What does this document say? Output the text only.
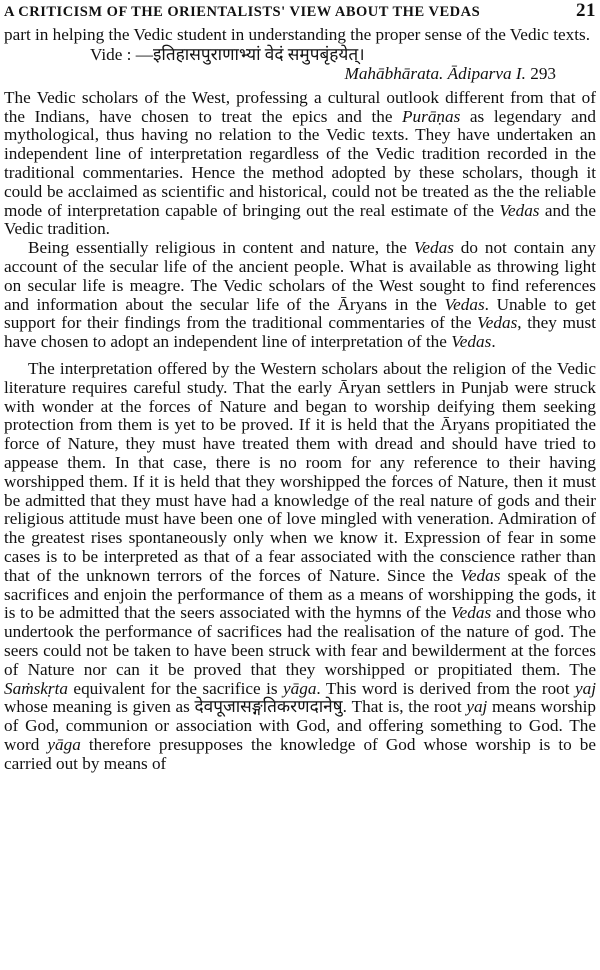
A CRITICISM OF THE ORIENTALISTS' VIEW ABOUT THE VEDAS	21

part in helping the Vedic student in understanding the proper sense of the Vedic texts.

Vide : —इतिहासपुराणाभ्यां वेदं समुपबृंहयेत्।
Mahābhārata. Ādiparva I. 293

The Vedic scholars of the West, professing a cultural outlook different from that of the Indians, have chosen to treat the epics and the Purāṇas as legendary and mythological, thus having no relation to the Vedic texts. They have undertaken an independent line of interpretation regardless of the Vedic tradition recorded in the traditional commentaries. Hence the method adopted by these scholars, though it could be acclaimed as scientific and historical, could not be treated as the the reliable mode of interpretation capable of bringing out the real estimate of the Vedas and the Vedic tradition.

Being essentially religious in content and nature, the Vedas do not contain any account of the secular life of the ancient people. What is available as throwing light on secular life is meagre. The Vedic scholars of the West sought to find references and information about the secular life of the Āryans in the Vedas. Unable to get support for their findings from the traditional commentaries of the Vedas, they must have chosen to adopt an independent line of interpretation of the Vedas.

The interpretation offered by the Western scholars about the religion of the Vedic literature requires careful study. That the early Āryan settlers in Punjab were struck with wonder at the forces of Nature and began to worship deifying them seeking protection from them is yet to be proved. If it is held that the Āryans propitiated the force of Nature, they must have treated them with dread and should have tried to appease them. In that case, there is no room for any reference to their having worshipped them. If it is held that they worshipped the forces of Nature, then it must be admitted that they must have had a knowledge of the real nature of gods and their religious attitude must have been one of love mingled with veneration. Admiration of the greatest rises spontaneously only when we know it. Expression of fear in some cases is to be interpreted as that of a fear associated with the conscience rather than that of the unknown terrors of the forces of Nature. Since the Vedas speak of the sacrifices and enjoin the performance of them as a means of worshipping the gods, it is to be admitted that the seers associated with the hymns of the Vedas and those who undertook the performance of sacrifices had the realisation of the nature of god. The seers could not be taken to have been struck with fear and bewilderment at the forces of Nature nor can it be proved that they worshipped or propitiated them. The Saṁskṛta equivalent for the sacrifice is yāga. This word is derived from the root yaj whose meaning is given as देवपूजासङ्गतिकरणदानेषु. That is, the root yaj means worship of God, communion or association with God, and offering something to God. The word yāga therefore presupposes the knowledge of God whose worship is to be carried out by means of
